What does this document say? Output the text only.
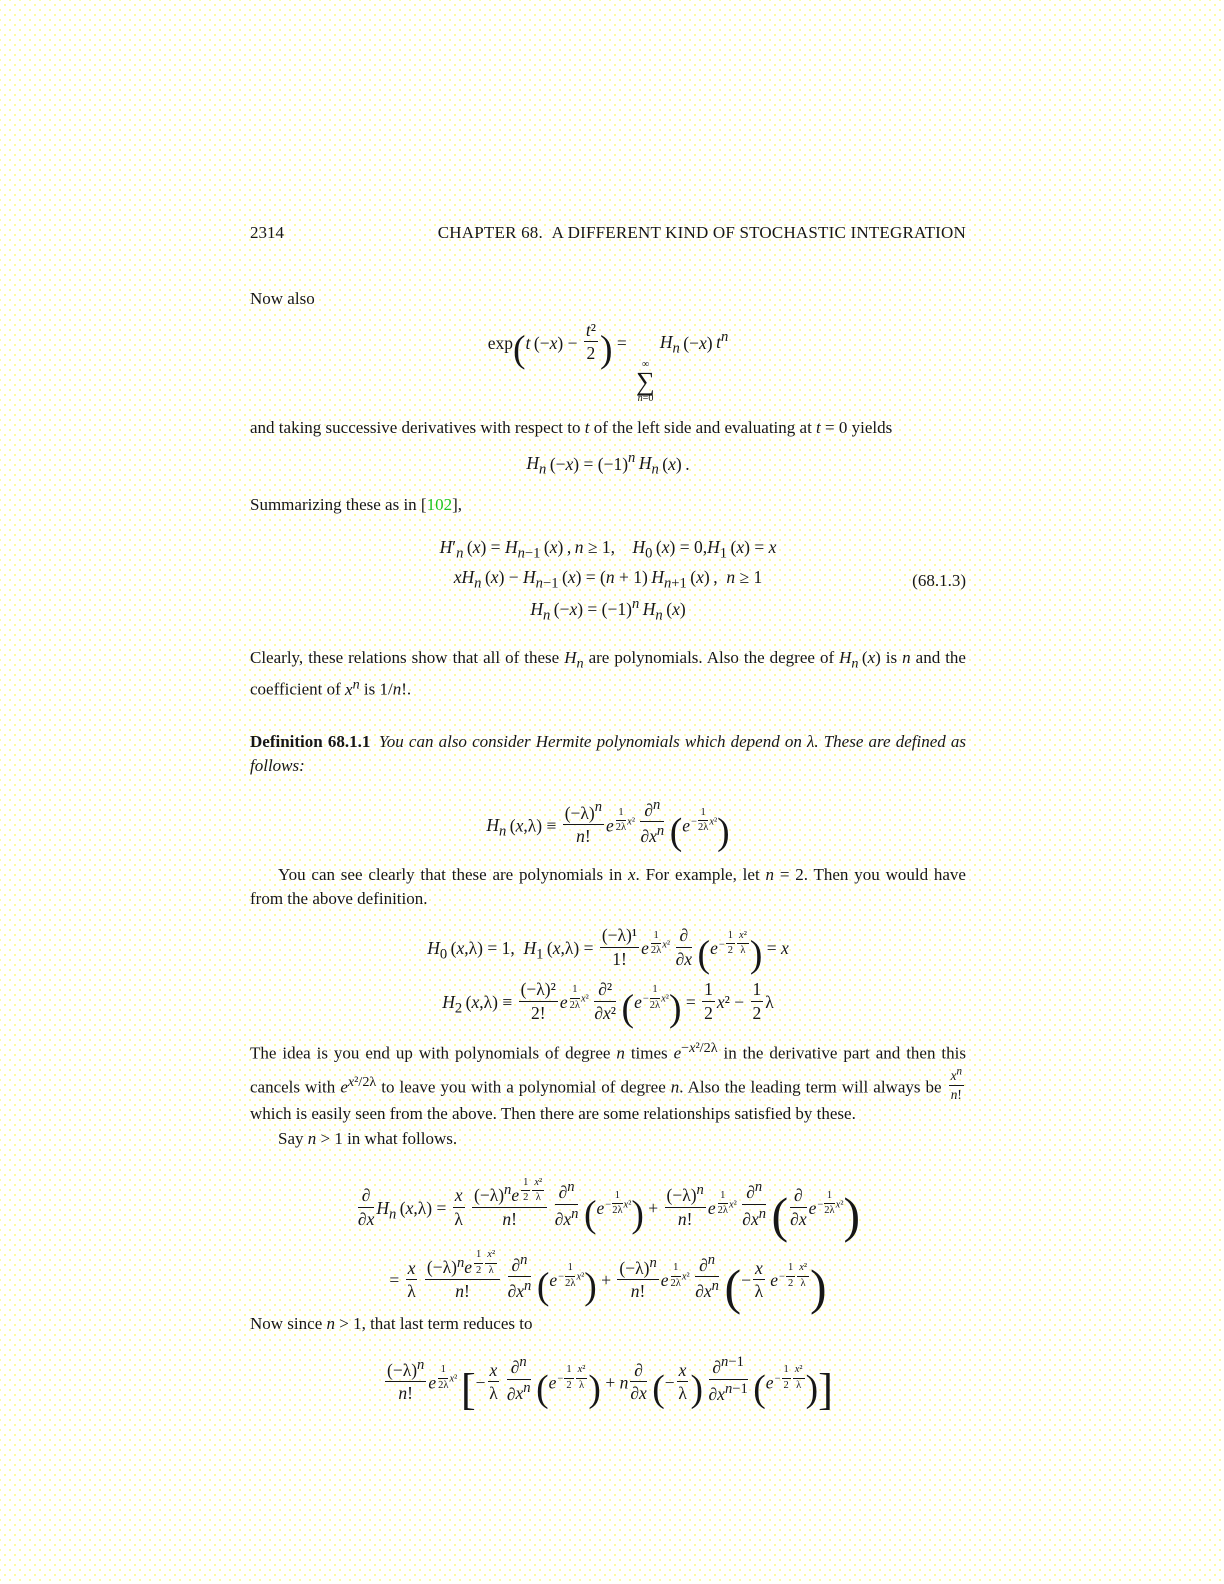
2314	CHAPTER 68. A DIFFERENT KIND OF STOCHASTIC INTEGRATION

Now also

exp(t $(-x) - \frac{\text{t²}}{2}$ ) =
∞
∑
n=0
$H_n$ (−x) $t^n$

and taking successive derivatives with respect to t of the left side and evaluating at t = 0 yields

$H_n$ $(-x) = (-1)^n$  $H_n$ (x) .

Summarizing these as in [102],

$H'_n$ $(x) = H_{n-1}$ (x) , n ≥ 1, $H_0$ $(x) = 0,H_1$ (x) = x
$xH_n$ $(x) - H_{n-1}$ (x) = (n + 1) $H_{n+1}$ (x) , n ≥ 1
$H_n$ $(-x) = (-1)^n$  $H_n$ (x)
(68.1.3)

Clearly, these relations show that all of these $H_n$ are polynomials. Also the degree of $H_n$ (x) is n and the coefficient of $x^n$ is 1/n!.

Definition 68.1.1  You can also consider Hermite polynomials which depend on λ. These are defined as follows:

$H_n$ $(x,\lambda) \equiv \frac{(-\lambda)^n}{n!}$ e $\frac{1}{2\lambda} x^2 \frac{\partial^n}{\partial x^n}$
  $(e- \frac{1}{2\lambda} x^2)$

You can see clearly that these are polynomials in x. For example, let n = 2. Then you would have from the above definition.

$H_0$ (x,λ) = 1, $H_1$ $(x,\lambda) = \frac{\text{(−λ)¹}}{1!}$ e $\frac{1}{2\lambda} x^2$  ∂
∂x
  ($e- \frac{1}{2} \frac{\text{x²}}{\lambda}$ ) = x
$H_2$ $(x,\lambda) \equiv \frac{\text{(−λ)²}}{2!}$ e $\frac{1}{2\lambda} x^2$  ∂²
∂x²
  $(e- \frac{1}{2\lambda} x^2) = \frac{1}{2} x^2 - \frac{1}{2}$ λ

The idea is you end up with polynomials of degree n times $e^{-x^2/2\lambda}$ in the derivative part and then this cancels with $e^{x^2/2\lambda}$ to leave you with a polynomial of degree n. Also the leading term will always be $\frac{x^n}{n!}$
which is easily seen from the above. Then there are some relationships satisfied by these.

Say n > 1 in what follows.

∂
∂x
$H_n$ $(x,\lambda) = \frac{x}{\lambda}$
  $\frac{(-\lambda)^ne \frac{1}{2} \frac{\text{x²}}{\lambda}}{n!}$
  $\frac{\partial^n}{\partial x^n}$
  $(e- \frac{1}{2\lambda} x^2) + \frac{(-\lambda)^n}{n!}$ e $\frac{1}{2\lambda} x^2 \frac{\partial^n}{\partial x^n}$
  ( ∂
∂x
$e- \frac{1}{2\lambda} x^2$)
= $\frac{x}{\lambda}$
  $\frac{(-\lambda)^ne \frac{1}{2} \frac{\text{x²}}{\lambda}}{n!}$
  $\frac{\partial^n}{\partial x^n}$
  $(e- \frac{1}{2\lambda} x^2) + \frac{(-\lambda)^n}{n!}$ e $\frac{1}{2\lambda} x^2 \frac{\partial^n}{\partial x^n}$
  (− $\frac{x}{\lambda}$
  $e- \frac{1}{2} \frac{\text{x²}}{\lambda}$ )

Now since n > 1, that last term reduces to

$\frac{(-\lambda)^n}{n!}$ e $\frac{1}{2\lambda} x^2$ [− $\frac{x}{\lambda}$
  $\frac{\partial^n}{\partial x^n}$
  ($e- \frac{1}{2} \frac{\text{x²}}{\lambda}$ ) + n
∂
∂x
  (− $\frac{x}{\lambda}$ )  $\frac{\partial^{n-1}}{\partial x^{n-1}}$
  ($e- \frac{1}{2} \frac{\text{x²}}{\lambda}$ )]
